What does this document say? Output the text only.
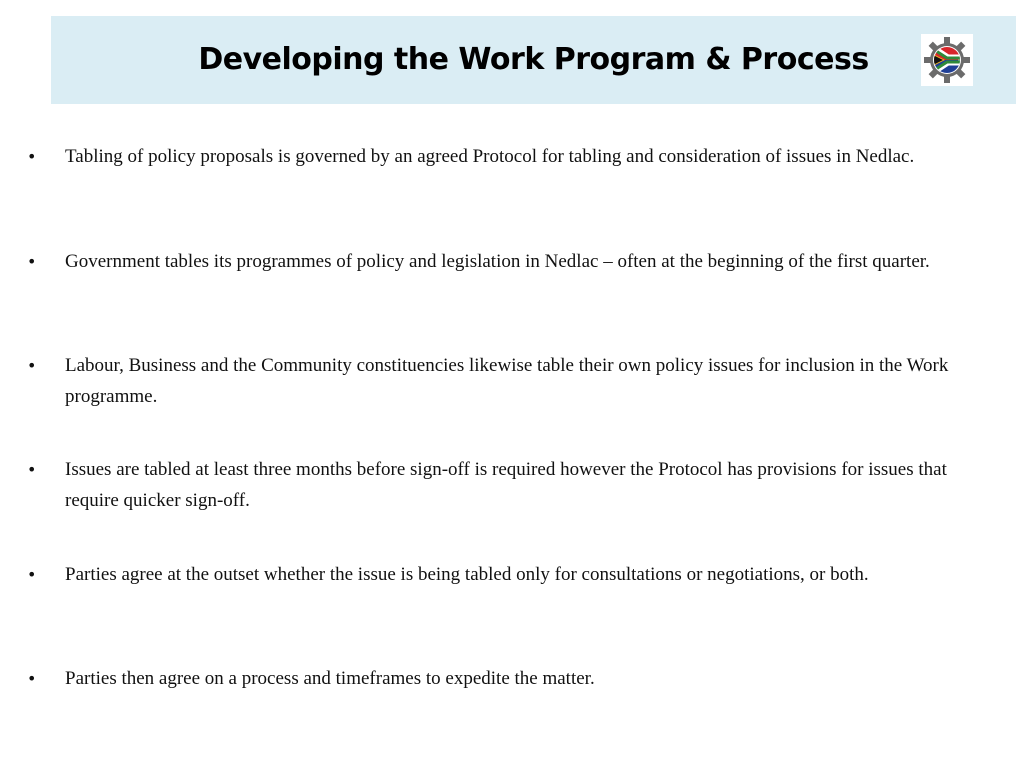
Developing the Work Program & Process
• Tabling of policy proposals is governed by an agreed Protocol for tabling and consideration of issues in Nedlac.
• Government tables its programmes of policy and legislation in Nedlac – often at the beginning of the first quarter.
• Labour, Business and the Community constituencies likewise table their own policy issues for inclusion in the Work programme.
• Issues are tabled at least three months before sign-off is required however the Protocol has provisions for issues that require quicker sign-off.
• Parties agree at the outset whether the issue is being tabled only for consultations or negotiations, or both.
• Parties then agree on a process and timeframes to expedite the matter.
